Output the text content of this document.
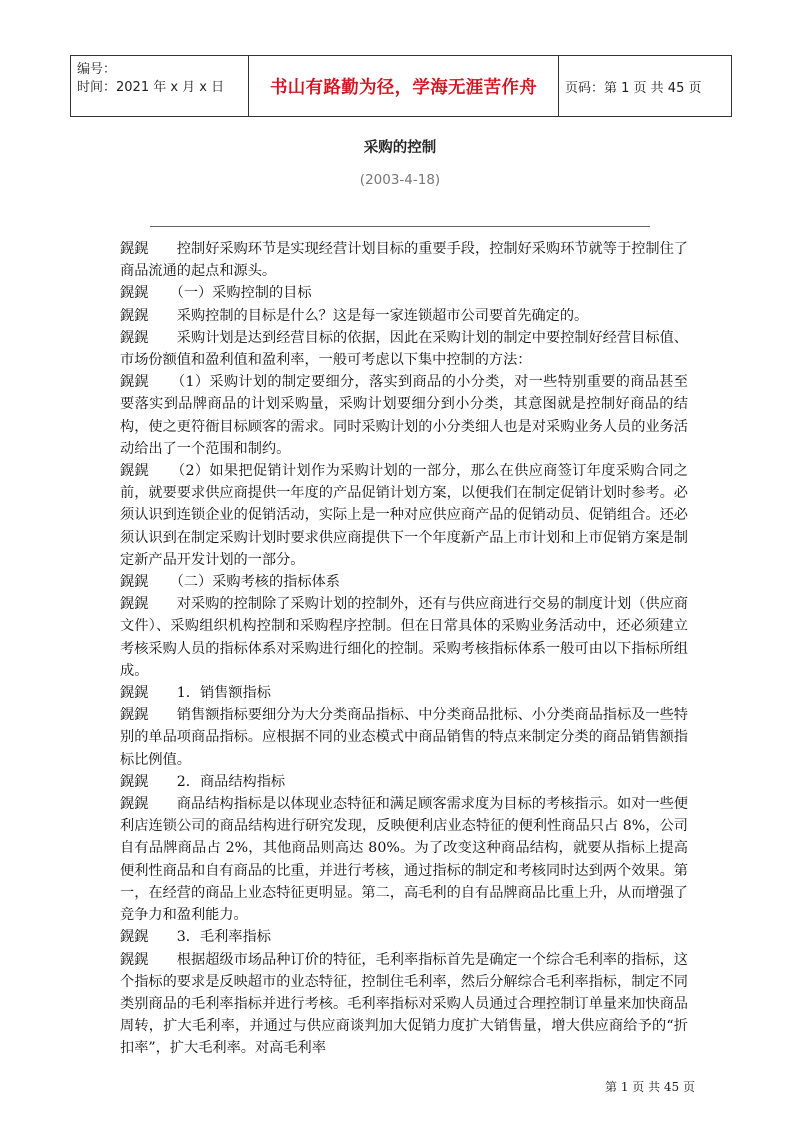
编号：
时间：2021 年 x 月 x 日	书山有路勤为径，学海无涯苦作舟	页码：第 1 页 共 45 页
采购的控制
(2003-4-18)

鎤鎤　　控制好采购环节是实现经营计划目标的重要手段，控制好采购环节就等于控制住了商品流通的起点和源头。

鎤鎤　　（一）采购控制的目标

鎤鎤　　采购控制的目标是什么？这是每一家连锁超市公司要首先确定的。

鎤鎤　　采购计划是达到经营目标的依据，因此在采购计划的制定中要控制好经营目标值、市场份额值和盈利值和盈利率，一般可考虑以下集中控制的方法：

鎤鎤　　（1）采购计划的制定要细分，落实到商品的小分类，对一些特别重要的商品甚至要落实到品牌商品的计划采购量，采购计划要细分到小分类，其意图就是控制好商品的结构，使之更符衙目标顾客的需求。同时采购计划的小分类细人也是对采购业务人员的业务活动给出了一个范围和制约。

鎤鎤　　（2）如果把促销计划作为采购计划的一部分，那么在供应商签订年度采购合同之前，就要要求供应商提供一年度的产品促销计划方案，以便我们在制定促销计划时参考。必须认识到连锁企业的促销活动，实际上是一种对应供应商产品的促销动员、促销组合。还必须认识到在制定采购计划时要求供应商提供下一个年度新产品上市计划和上市促销方案是制定新产品开发计划的一部分。

鎤鎤　　（二）采购考核的指标体系

鎤鎤　　对采购的控制除了采购计划的控制外，还有与供应商进行交易的制度计划（供应商文件）、采购组织机构控制和采购程序控制。但在日常具体的采购业务活动中，还必须建立考核采购人员的指标体系对采购进行细化的控制。采购考核指标体系一般可由以下指标所组成。

鎤鎤　　1．销售额指标

鎤鎤　　销售额指标要细分为大分类商品指标、中分类商品批标、小分类商品指标及一些特别的单品项商品指标。应根据不同的业态模式中商品销售的特点来制定分类的商品销售额指标比例值。

鎤鎤　　2．商品结构指标

鎤鎤　　商品结构指标是以体现业态特征和满足顾客需求度为目标的考核指示。如对一些便利店连锁公司的商品结构进行研究发现，反映便利店业态特征的便利性商品只占 8%，公司自有品牌商品占 2%，其他商品则高达 80%。为了改变这种商品结构，就要从指标上提高便利性商品和自有商品的比重，并进行考核，通过指标的制定和考核同时达到两个效果。第一，在经营的商品上业态特征更明显。第二，高毛利的自有品牌商品比重上升，从而增强了竞争力和盈利能力。

鎤鎤　　3．毛利率指标

鎤鎤　　根据超级市场品种订价的特征，毛利率指标首先是确定一个综合毛利率的指标，这个指标的要求是反映超市的业态特征，控制住毛利率，然后分解综合毛利率指标，制定不同类别商品的毛利率指标并进行考核。毛利率指标对采购人员通过合理控制订单量来加快商品周转，扩大毛利率，并通过与供应商谈判加大促销力度扩大销售量，增大供应商给予的“折扣率”，扩大毛利率。对高毛利率

第 1 页 共 45 页
